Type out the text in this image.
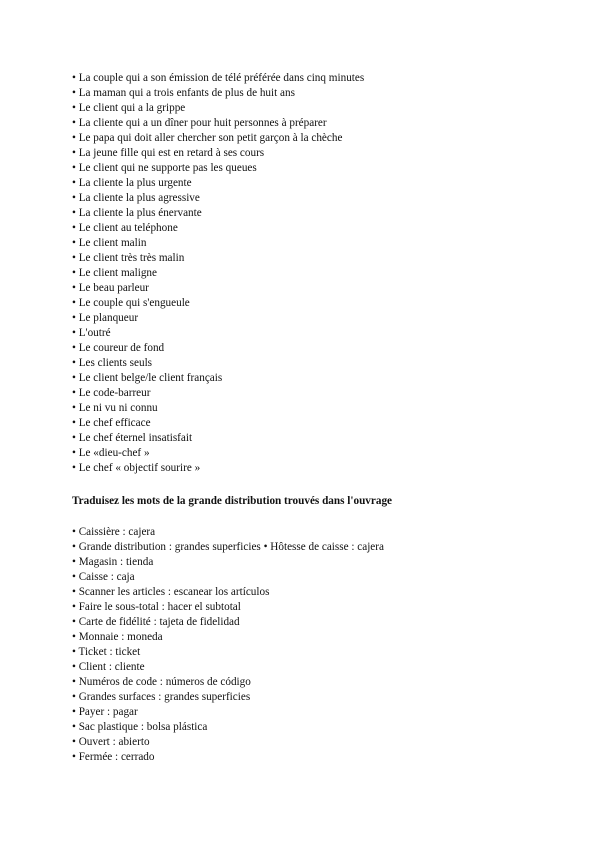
• La couple qui a son émission de télé préférée dans cinq minutes
• La maman qui a trois enfants de plus de huit ans
• Le client qui a la grippe
• La cliente qui a un dîner pour huit personnes à préparer
• Le papa qui doit aller chercher son petit garçon à la chèche
• La jeune fille qui est en retard à ses cours
• Le client qui ne supporte pas les queues
• La cliente la plus urgente
• La cliente la plus agressive
• La cliente la plus énervante
• Le client au teléphone
• Le client malin
• Le client très très malin
• Le client maligne
• Le beau parleur
• Le couple qui s'engueule
• Le planqueur
• L'outré
• Le coureur de fond
• Les clients seuls
• Le client belge/le client français
• Le code-barreur
• Le ni vu ni connu
• Le chef efficace
• Le chef éternel insatisfait
• Le «dieu-chef »
• Le chef « objectif sourire »
Traduisez les mots de la grande distribution trouvés dans l'ouvrage
• Caissière : cajera
• Grande distribution : grandes superficies • Hôtesse de caisse : cajera
• Magasin : tienda
• Caisse : caja
• Scanner les articles : escanear los artículos
• Faire le sous-total : hacer el subtotal
• Carte de fidélité : tajeta de fidelidad
• Monnaie : moneda
• Ticket : ticket
• Client : cliente
• Numéros de code : números de código
• Grandes surfaces : grandes superficies
• Payer : pagar
• Sac plastique : bolsa plástica
• Ouvert : abierto
• Fermée : cerrado
